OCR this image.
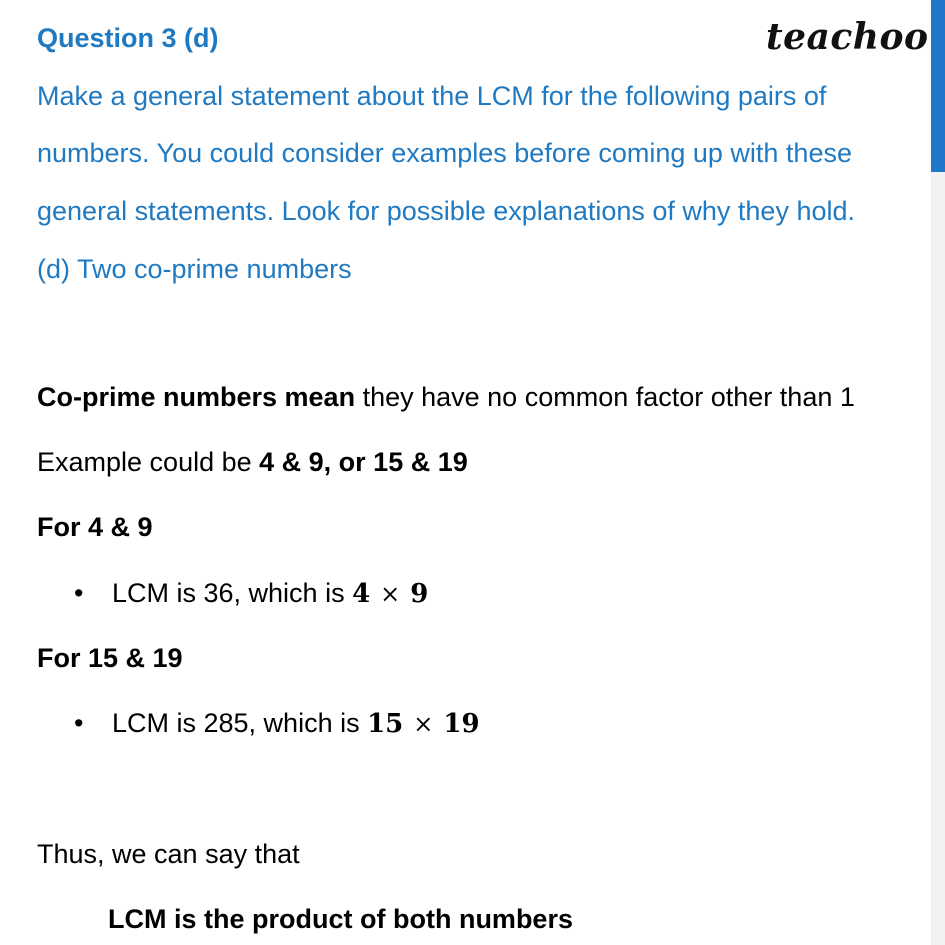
Question 3 (d)	teachoo
Make a general statement about the LCM for the following pairs of
numbers. You could consider examples before coming up with these
general statements. Look for possible explanations of why they hold.
(d) Two co-prime numbers
Co-prime numbers mean they have no common factor other than 1
Example could be 4 & 9, or 15 & 19
For 4 & 9
• LCM is 36, which is 4 × 9
For 15 & 19
• LCM is 285, which is 15 × 19
Thus, we can say that
LCM is the product of both numbers
